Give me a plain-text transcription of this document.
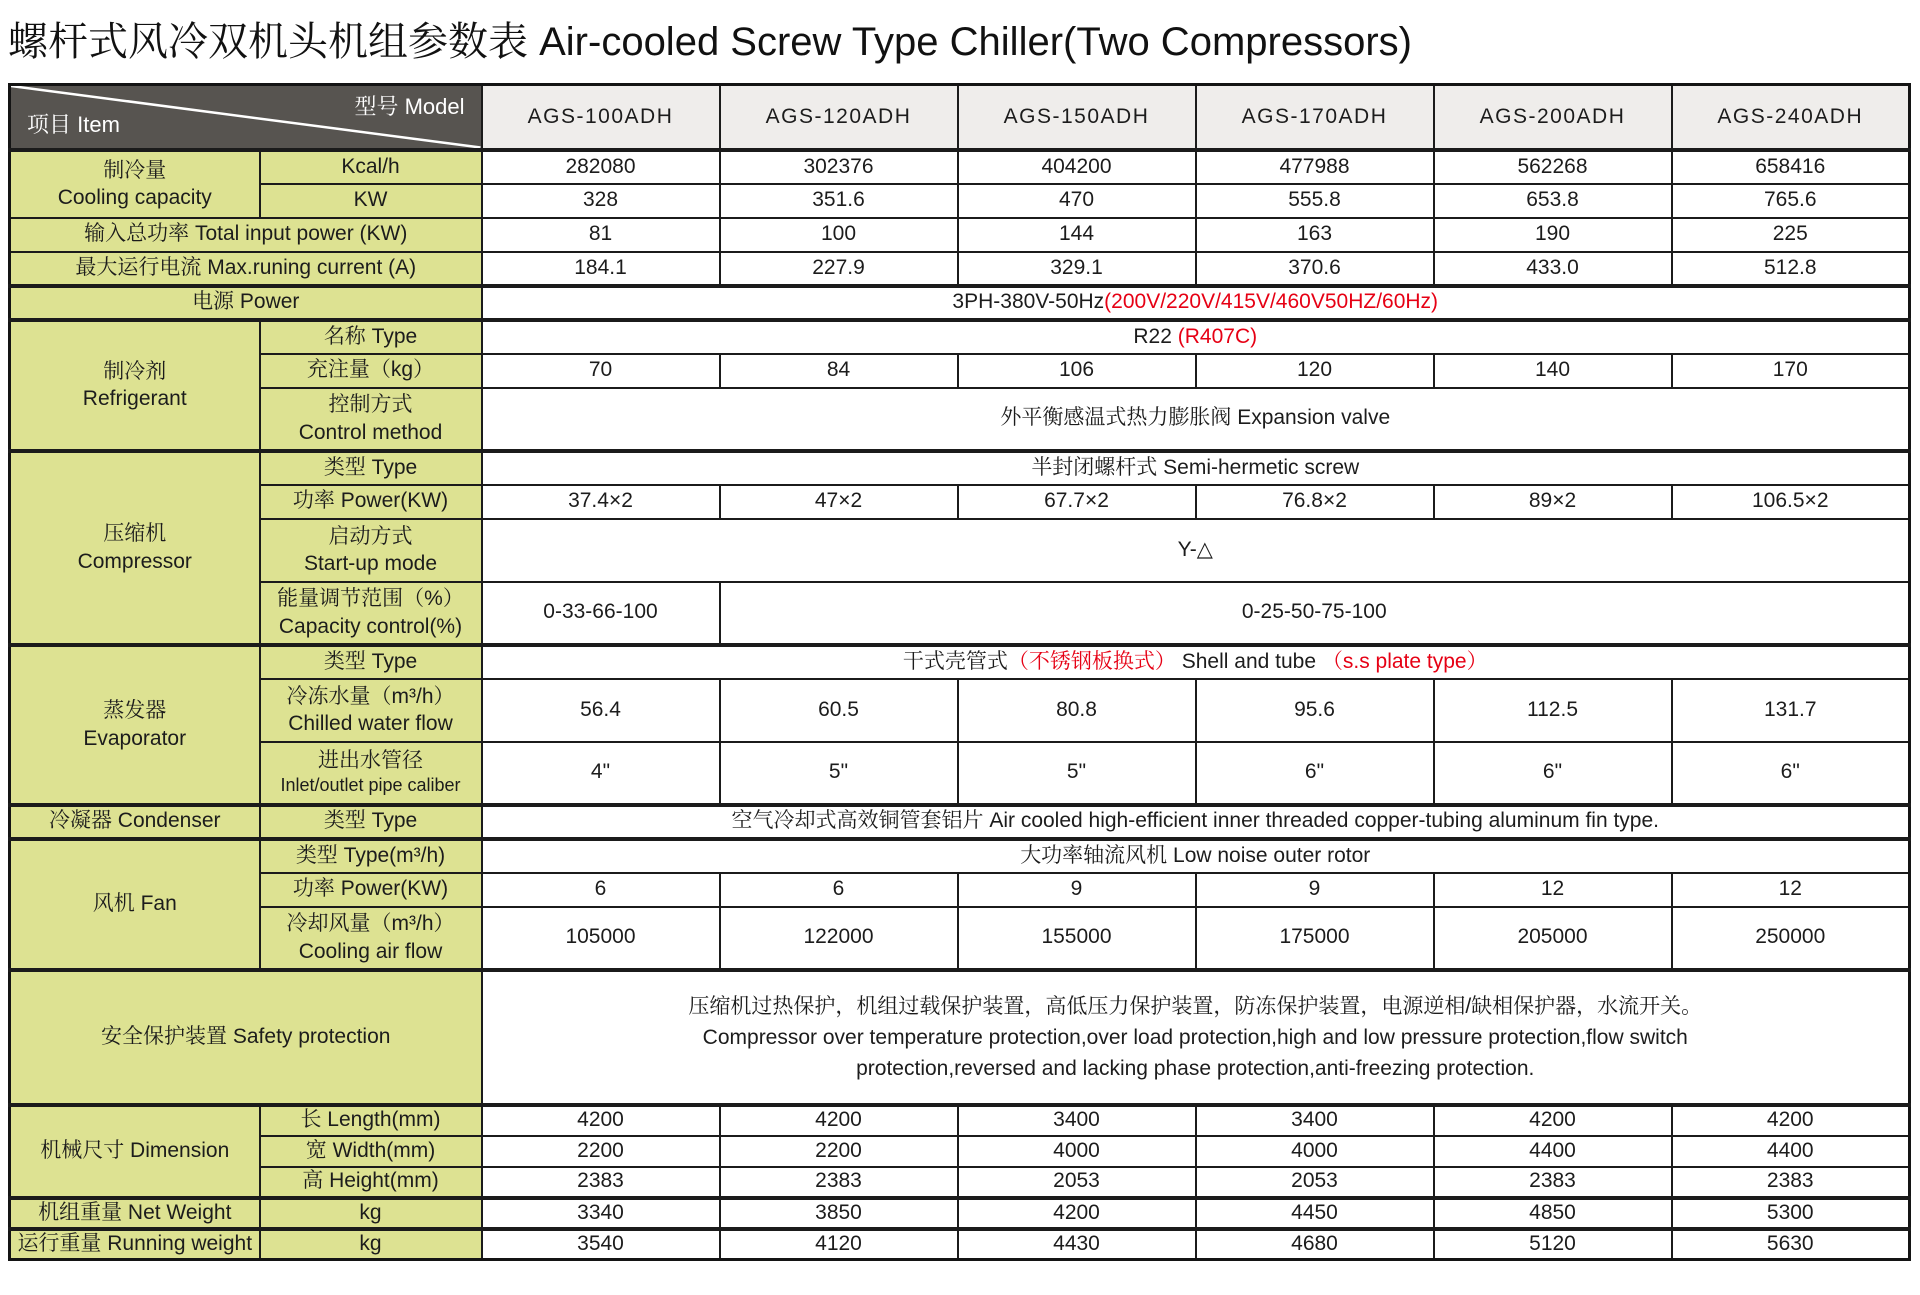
螺杆式风冷双机头机组参数表 Air-cooled Screw Type Chiller(Two Compressors)
型号 Model
项目 Item		AGS-100ADH	AGS-120ADH	AGS-150ADH	AGS-170ADH	AGS-200ADH	AGS-240ADH

制冷量
Cooling capacity	Kcal/h	282080	302376	404200	477988	562268	658416
	KW	328	351.6	470	555.8	653.8	765.6
输入总功率 Total input power (KW)		81	100	144	163	190	225
最大运行电流 Max.runing current (A)		184.1	227.9	329.1	370.6	433.0	512.8
电源 Power		3PH-380V-50Hz(200V/220V/415V/460V50HZ/60Hz)					

制冷剂
Refrigerant	名称 Type	R22 (R407C)					
	充注量（kg）	70	84	106	120	140	170

	控制方式
Control method	外平衡感温式热力膨胀阀 Expansion valve					

压缩机
Compressor	类型 Type	半封闭螺杆式 Semi-hermetic screw					
	功率 Power(KW)	37.4×2	47×2	67.7×2	76.8×2	89×2	106.5×2

	启动方式
Start-up mode	Y-△					

	能量调节范围（%）
Capacity control(%)	0-33-66-100	0-25-50-75-100				

蒸发器
Evaporator	类型 Type	干式壳管式（不锈钢板换式） Shell and tube （s.s plate type）					

	冷冻水量（m³/h）
Chilled water flow	56.4	60.5	80.8	95.6	112.5	131.7

	进出水管径
Inlet/outlet pipe caliber	4"	5"	5"	6"	6"	6"
冷凝器 Condenser	类型 Type	空气冷却式高效铜管套铝片 Air cooled high-efficient inner threaded copper-tubing aluminum fin type.					

风机 Fan	类型 Type(m³/h)	大功率轴流风机 Low noise outer rotor					
	功率 Power(KW)	6	6	9	9	12	12

	冷却风量（m³/h）
Cooling air flow	105000	122000	155000	175000	205000	250000
安全保护装置 Safety protection		压缩机过热保护，机组过载保护装置，高低压力保护装置，防冻保护装置，电源逆相/缺相保护器，水流开关。
Compressor over temperature protection,over load protection,high and low pressure protection,flow switch protection,reversed and lacking phase protection,anti-freezing protection.					

机械尺寸 Dimension	长 Length(mm)	4200	4200	3400	3400	4200	4200
	宽 Width(mm)	2200	2200	4000	4000	4400	4400
	高 Height(mm)	2383	2383	2053	2053	2383	2383
机组重量 Net Weight	kg	3340	3850	4200	4450	4850	5300
运行重量 Running weight	kg	3540	4120	4430	4680	5120	5630
